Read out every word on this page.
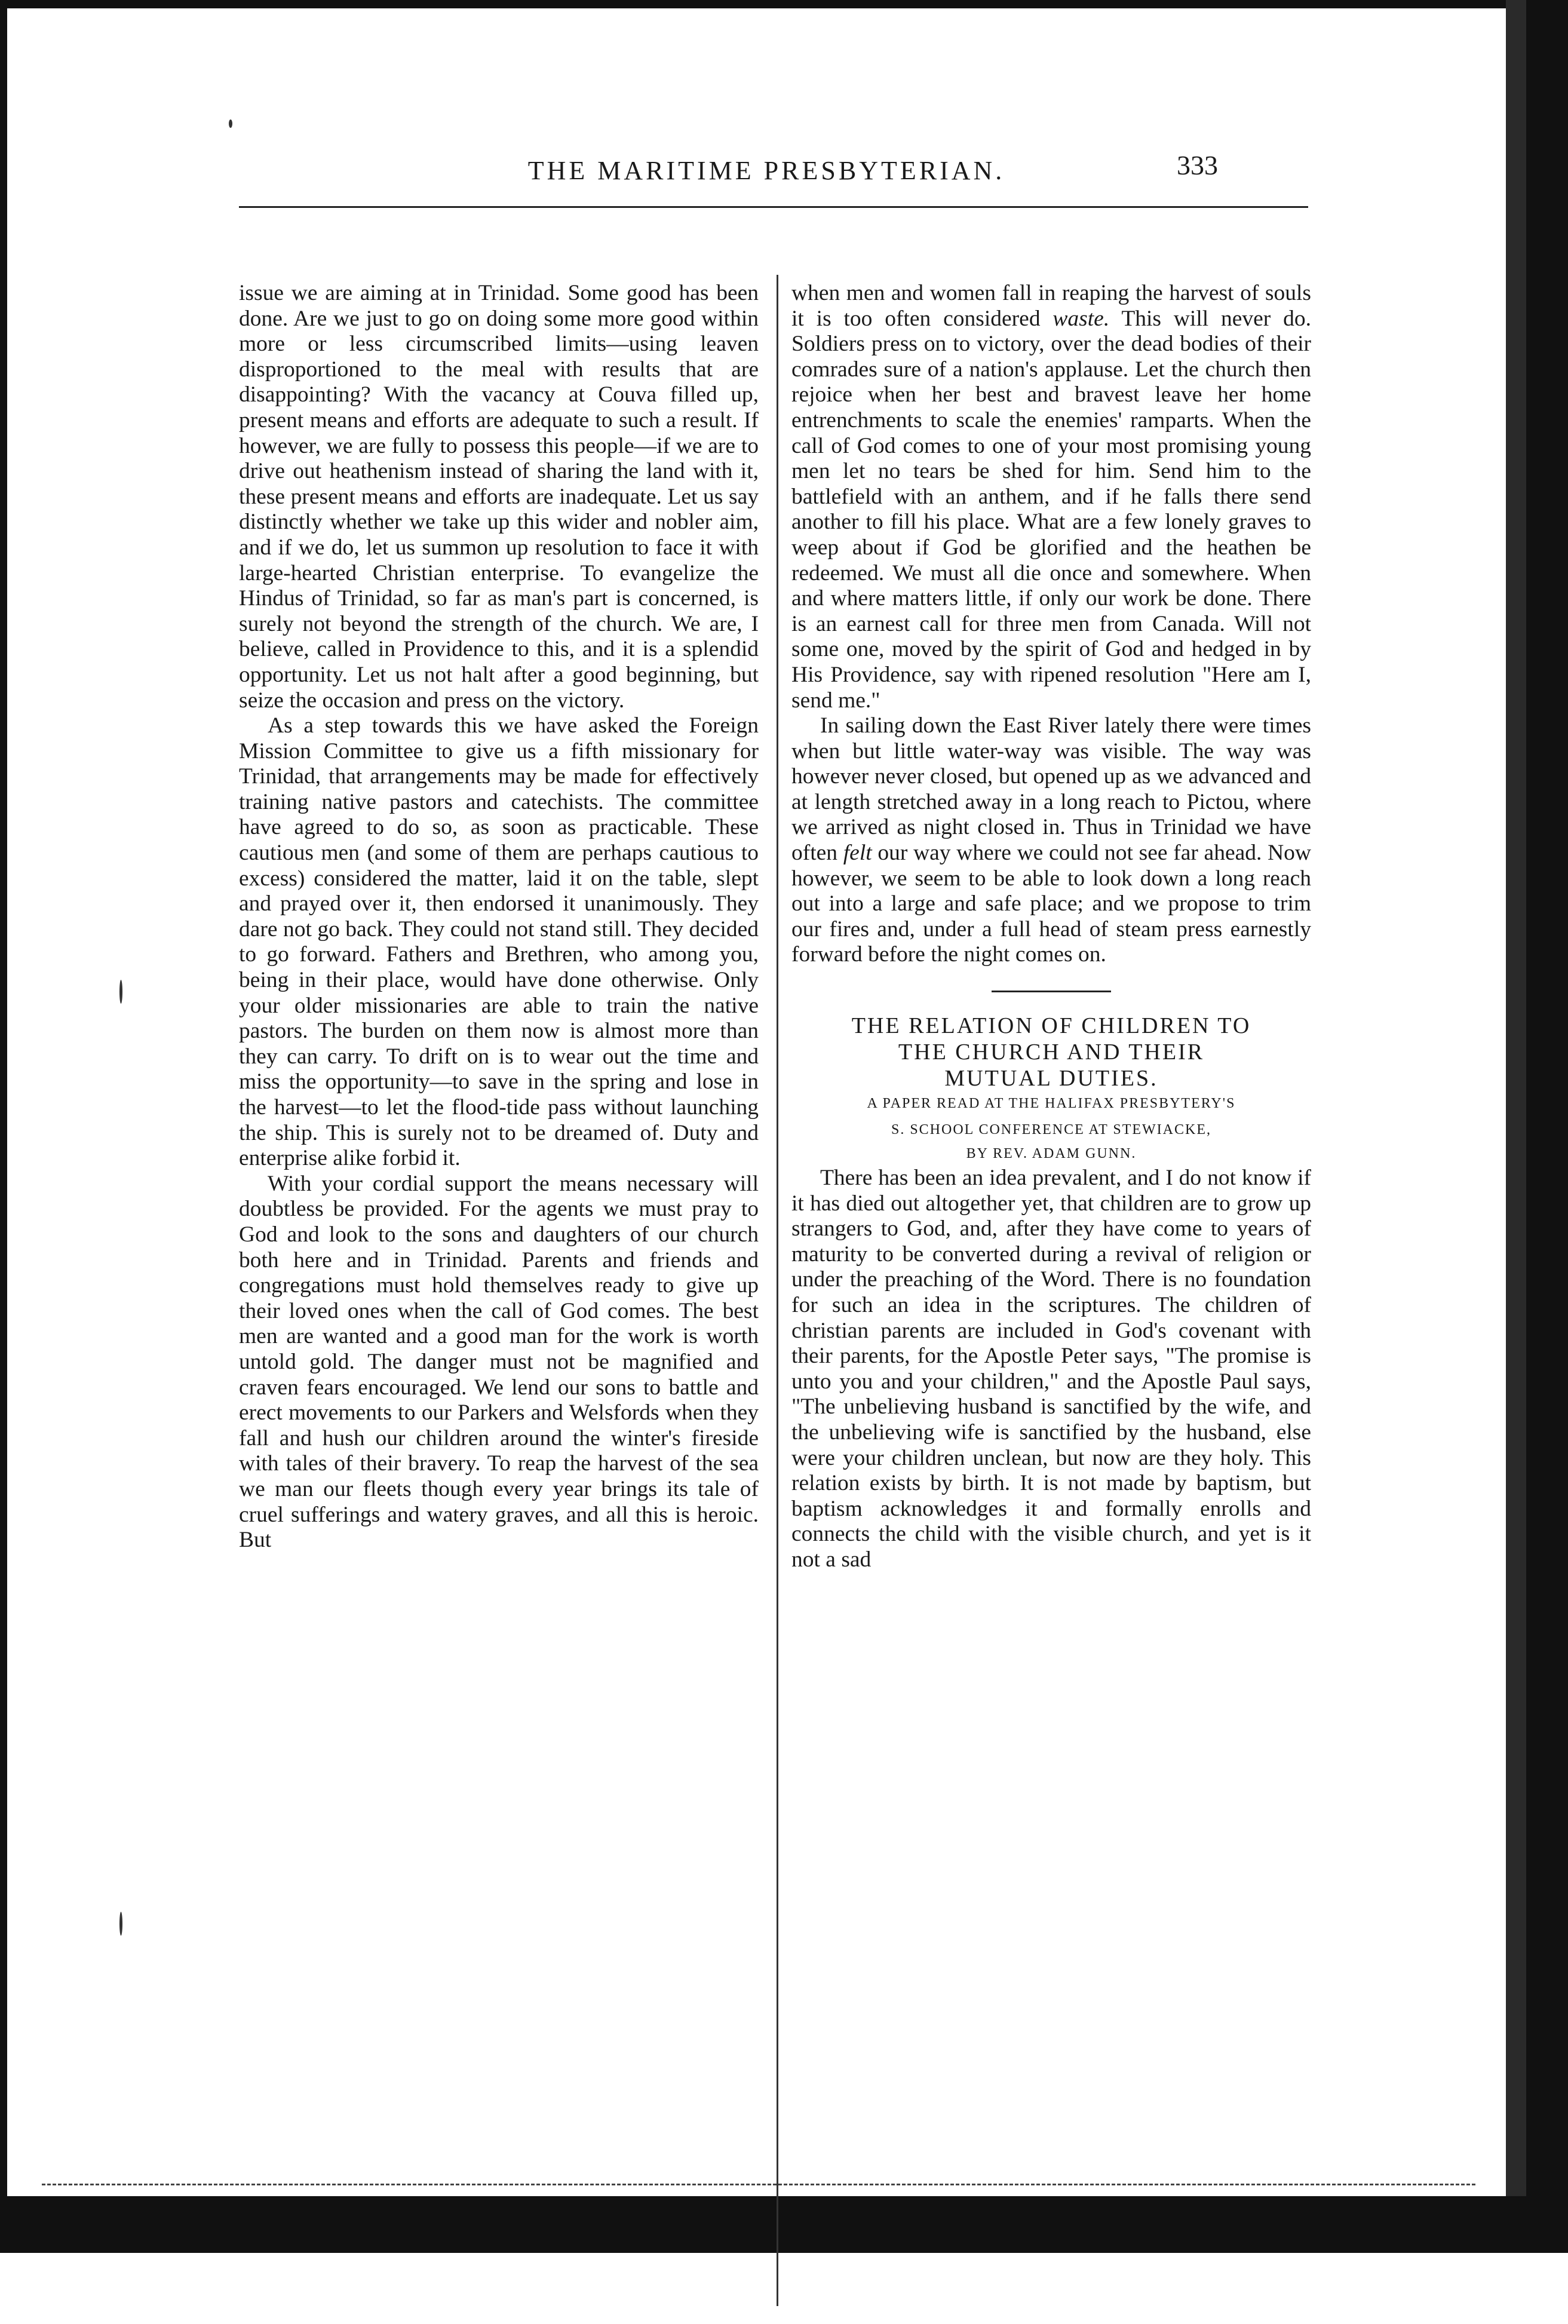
THE MARITIME PRESBYTERIAN.	333

issue we are aiming at in Trinidad. Some good has been done. Are we just to go on doing some more good within more or less circumscribed limits—using leaven disproportioned to the meal with results that are disappointing? With the vacancy at Couva filled up, present means and efforts are adequate to such a result. If however, we are fully to possess this people—if we are to drive out heathenism instead of sharing the land with it, these present means and efforts are inadequate. Let us say distinctly whether we take up this wider and nobler aim, and if we do, let us summon up resolution to face it with large-hearted Christian enterprise. To evangelize the Hindus of Trinidad, so far as man's part is concerned, is surely not beyond the strength of the church. We are, I believe, called in Providence to this, and it is a splendid opportunity. Let us not halt after a good beginning, but seize the occasion and press on the victory.

As a step towards this we have asked the Foreign Mission Committee to give us a fifth missionary for Trinidad, that arrangements may be made for effectively training native pastors and catechists. The committee have agreed to do so, as soon as practicable. These cautious men (and some of them are perhaps cautious to excess) considered the matter, laid it on the table, slept and prayed over it, then endorsed it unanimously. They dare not go back. They could not stand still. They decided to go forward. Fathers and Brethren, who among you, being in their place, would have done otherwise. Only your older missionaries are able to train the native pastors. The burden on them now is almost more than they can carry. To drift on is to wear out the time and miss the opportunity—to save in the spring and lose in the harvest—to let the flood-tide pass without launching the ship. This is surely not to be dreamed of. Duty and enterprise alike forbid it.

With your cordial support the means necessary will doubtless be provided. For the agents we must pray to God and look to the sons and daughters of our church both here and in Trinidad. Parents and friends and congregations must hold themselves ready to give up their loved ones when the call of God comes. The best men are wanted and a good man for the work is worth untold gold. The danger must not be magnified and craven fears encouraged. We lend our sons to battle and erect movements to our Parkers and Welsfords when they fall and hush our children around the winter's fireside with tales of their bravery. To reap the harvest of the sea we man our fleets though every year brings its tale of cruel sufferings and watery graves, and all this is heroic. But

when men and women fall in reaping the harvest of souls it is too often considered waste. This will never do. Soldiers press on to victory, over the dead bodies of their comrades sure of a nation's applause. Let the church then rejoice when her best and bravest leave her home entrenchments to scale the enemies' ramparts. When the call of God comes to one of your most promising young men let no tears be shed for him. Send him to the battlefield with an anthem, and if he falls there send another to fill his place. What are a few lonely graves to weep about if God be glorified and the heathen be redeemed. We must all die once and somewhere. When and where matters little, if only our work be done. There is an earnest call for three men from Canada. Will not some one, moved by the spirit of God and hedged in by His Providence, say with ripened resolution "Here am I, send me."

In sailing down the East River lately there were times when but little water-way was visible. The way was however never closed, but opened up as we advanced and at length stretched away in a long reach to Pictou, where we arrived as night closed in. Thus in Trinidad we have often felt our way where we could not see far ahead. Now however, we seem to be able to look down a long reach out into a large and safe place; and we propose to trim our fires and, under a full head of steam press earnestly forward before the night comes on.

THE RELATION OF CHILDREN TO

THE CHURCH AND THEIR

MUTUAL DUTIES.

A PAPER READ AT THE HALIFAX PRESBYTERY'S

S. SCHOOL CONFERENCE AT STEWIACKE,

BY REV. ADAM GUNN.

There has been an idea prevalent, and I do not know if it has died out altogether yet, that children are to grow up strangers to God, and, after they have come to years of maturity to be converted during a revival of religion or under the preaching of the Word. There is no foundation for such an idea in the scriptures. The children of christian parents are included in God's covenant with their parents, for the Apostle Peter says, "The promise is unto you and your children," and the Apostle Paul says, "The unbelieving husband is sanctified by the wife, and the unbelieving wife is sanctified by the husband, else were your children unclean, but now are they holy. This relation exists by birth. It is not made by baptism, but baptism acknowledges it and formally enrolls and connects the child with the visible church, and yet is it not a sad
